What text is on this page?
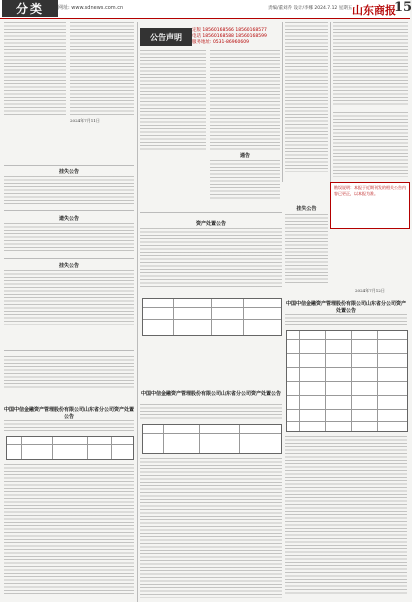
分类	网址: www.sdnews.com.cn	责编/董刘乔 设计/李娜 2024.7.12 星期五 山东商报
15
挂失公告
遗失公告
挂失公告
中国中信金融资产管理股份有限公司山东省分公司资产处置公告
公告声明
定版 18560168566 18560168577
电话 18560168588 18560168599
服务地址: 0531-86960609
通告
资产处置公告
中国中信金融资产管理股份有限公司山东省分公司资产处置公告
勘误说明：本报于近期刊发的相关公告内容已更正，以本报为准。
挂失公告
中国中信金融资产管理股份有限公司山东省分公司资产处置公告
2024年7月11日
2024年7月12日
